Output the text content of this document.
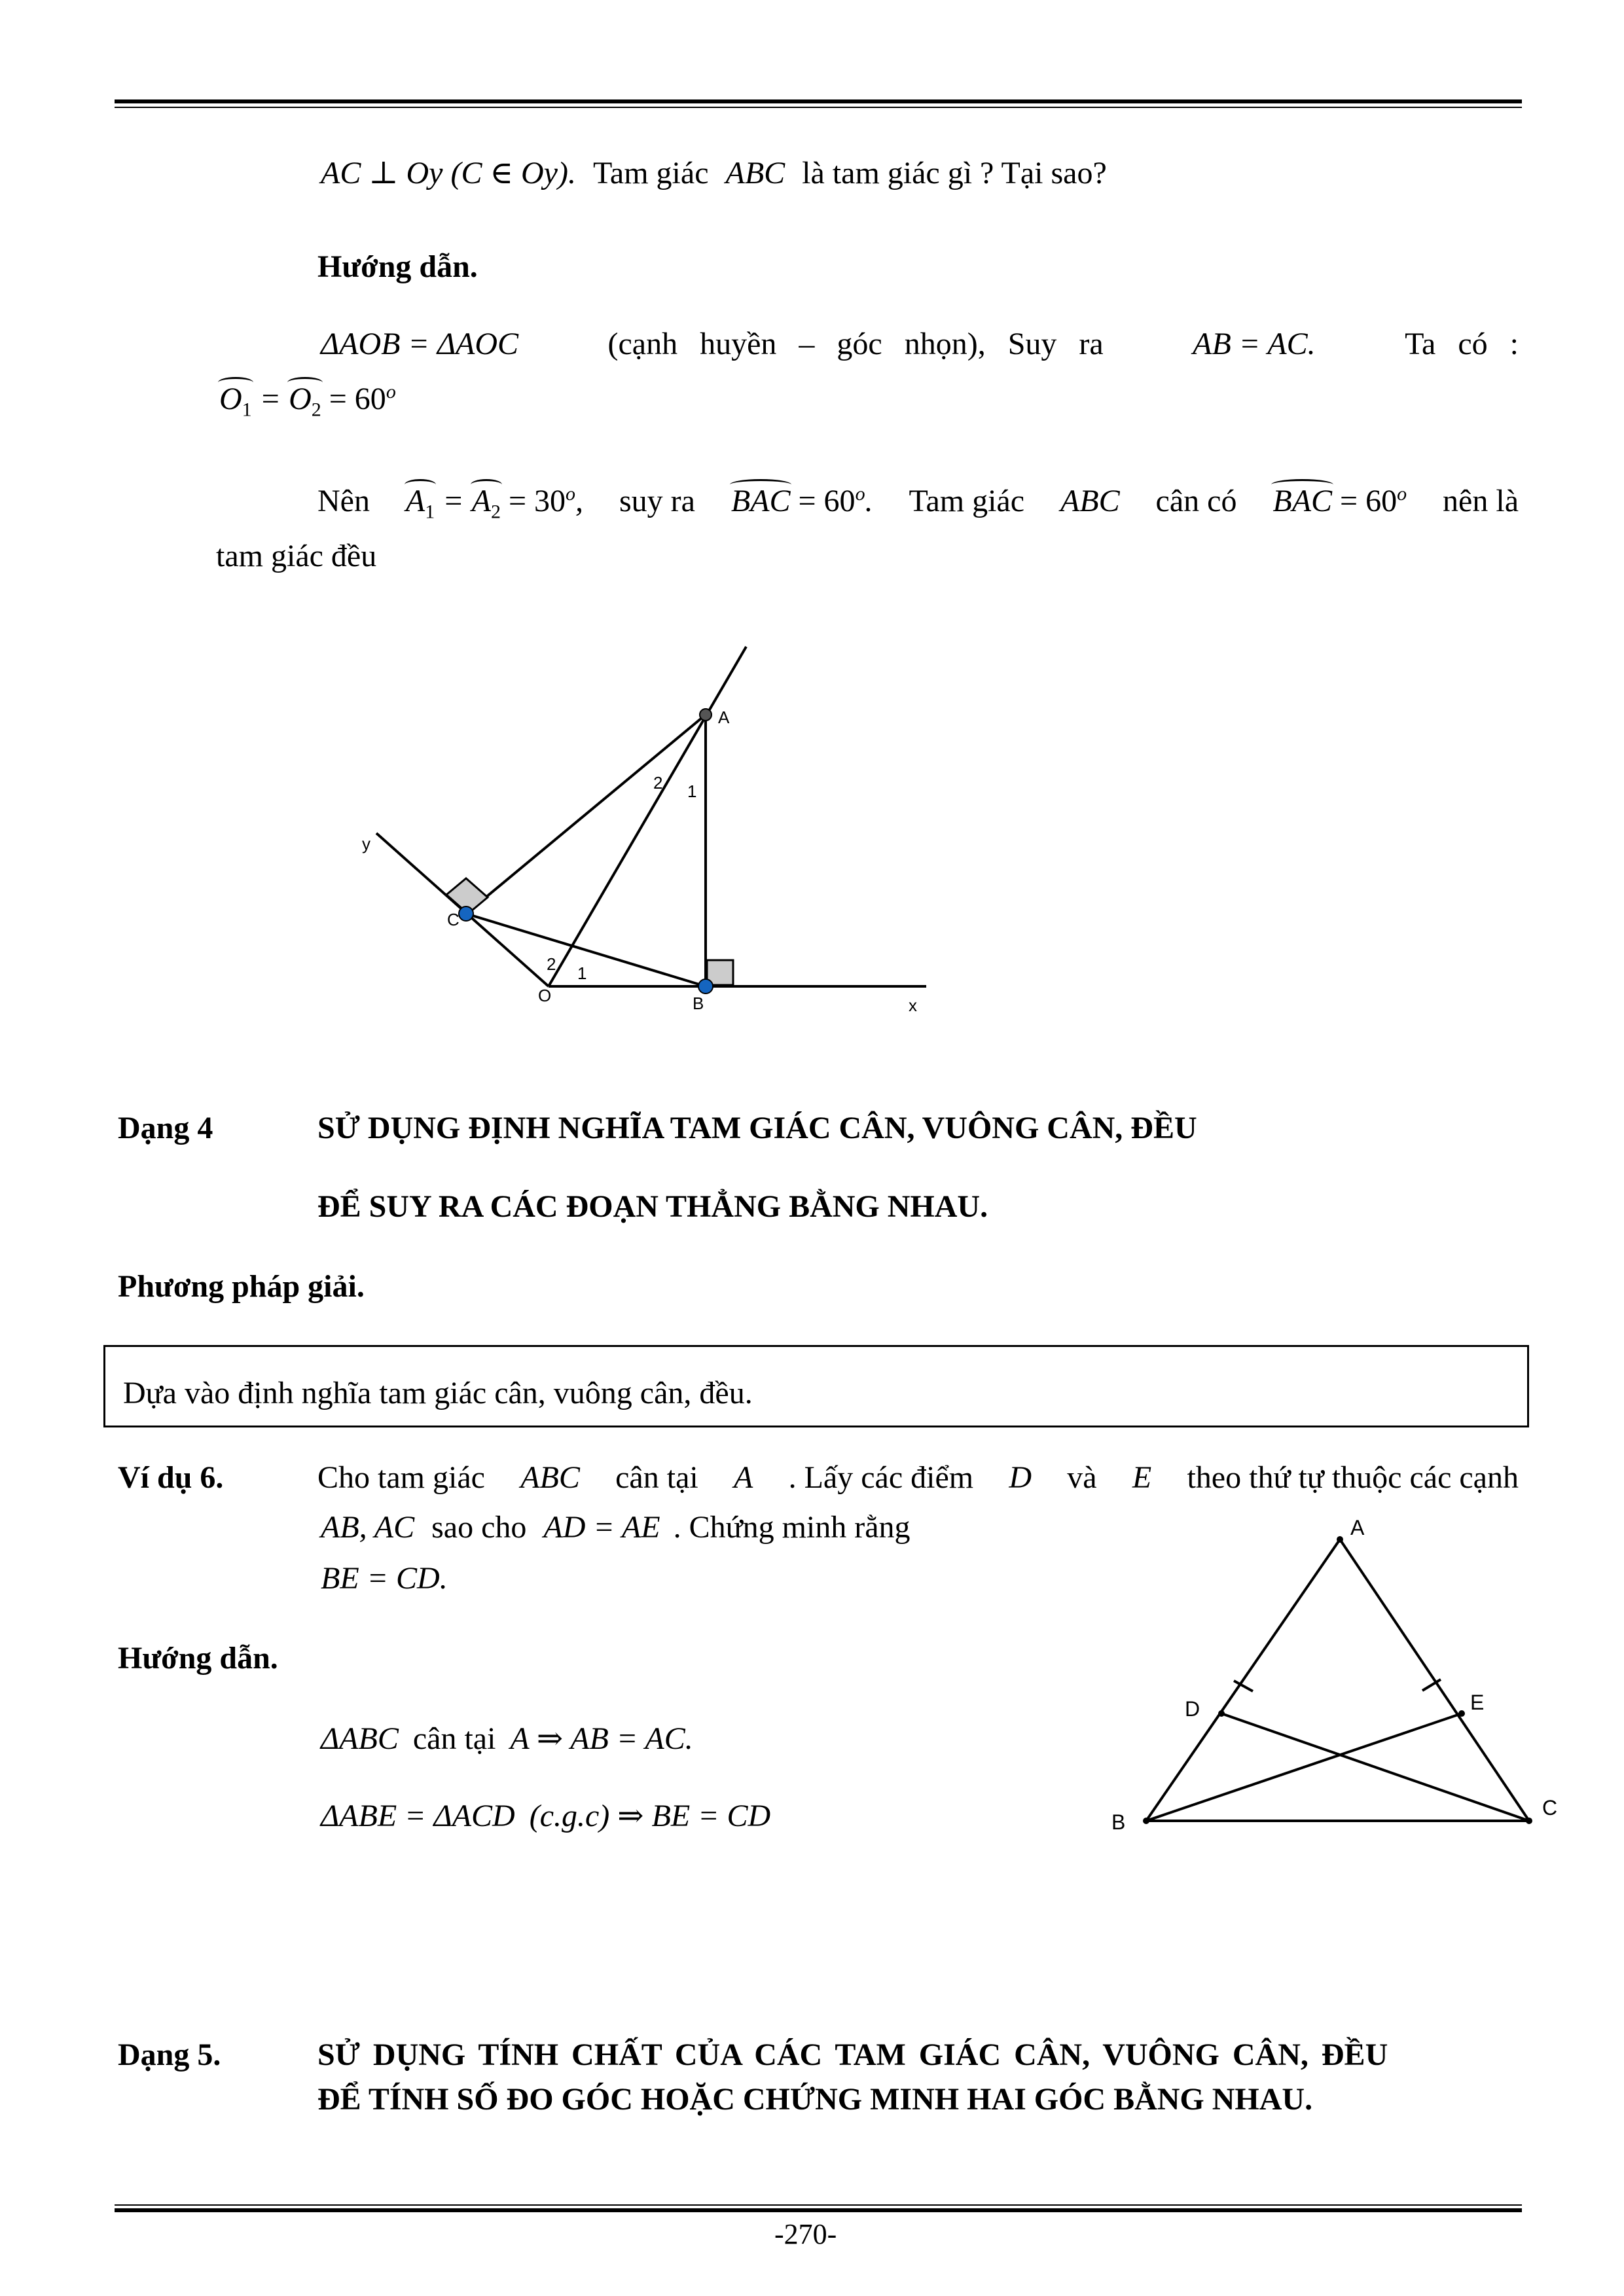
AC ⊥ Oy (C ∈ Oy). Tam giác ABC là tam giác gì ? Tại sao?
Hướng dẫn.
ΔAOB = ΔAOC	(cạnh huyền – góc nhọn), Suy ra	AB = AC.	Ta có :
$O_1 = O_2 = 60^o$
Nên $A_1 = A_2 = 30^o$, suy ra BAC = $60^o$. Tam giác ABC cân có BAC = $60^o$ nên là
tam giác đều
A
C
B
O	x
y
2 1
2 1
Dạng 4	SỬ DỤNG ĐỊNH NGHĨA TAM GIÁC CÂN, VUÔNG CÂN, ĐỀU
ĐỂ SUY RA CÁC ĐOẠN THẲNG BẰNG NHAU.
Phương pháp giải.
Dựa vào định nghĩa tam giác cân, vuông cân, đều.
Ví dụ 6.	Cho tam giác ABC cân tại A . Lấy các điểm D và E theo thứ tự thuộc các cạnh
AB, AC sao cho AD = AE . Chứng minh rằng
BE = CD.
Hướng dẫn.
ΔABC cân tại A ⇒ AB = AC.
ΔABE = ΔACD (c.g.c) ⇒ BE = CD
A
B
C
D	E
Dạng 5.	SỬ DỤNG TÍNH CHẤT CỦA CÁC TAM GIÁC CÂN, VUÔNG CÂN, ĐỀU
ĐỂ TÍNH SỐ ĐO GÓC HOẶC CHỨNG MINH HAI GÓC BẰNG NHAU.
-270-
